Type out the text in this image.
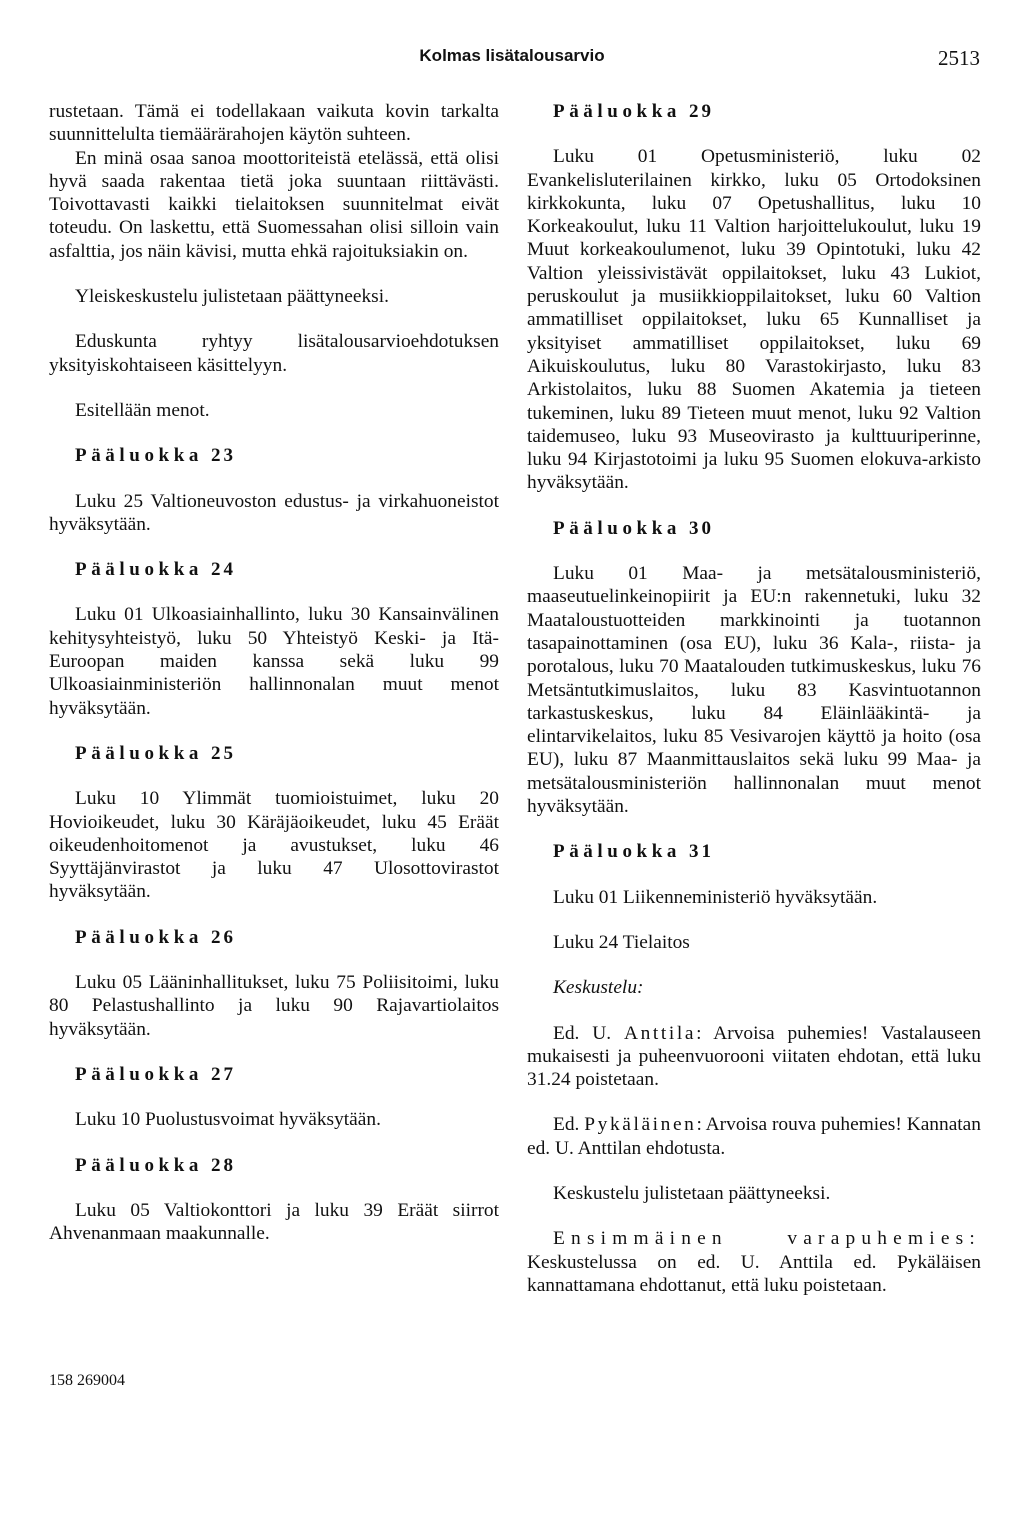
Kolmas lisätalousarvio	2513

rustetaan. Tämä ei todellakaan vaikuta kovin tarkalta suunnittelulta tiemäärärahojen käytön suhteen.

En minä osaa sanoa moottoriteistä etelässä, että olisi hyvä saada rakentaa tietä joka suuntaan riittävästi. Toivottavasti kaikki tielaitoksen suunnitelmat eivät toteudu. On laskettu, että Suomessahan olisi silloin vain asfalttia, jos näin kävisi, mutta ehkä rajoituksiakin on.

Yleiskeskustelu julistetaan päättyneeksi.

Eduskunta ryhtyy lisätalousarvioehdotuksen yksityiskohtaiseen käsittelyyn.

Esitellään menot.

Pääluokka 23

Luku 25 Valtioneuvoston edustus- ja virkahuoneistot hyväksytään.

Pääluokka 24

Luku 01 Ulkoasiainhallinto, luku 30 Kansainvälinen kehitysyhteistyö, luku 50 Yhteistyö Keski- ja Itä-Euroopan maiden kanssa sekä luku 99 Ulkoasiainministeriön hallinnonalan muut menot hyväksytään.

Pääluokka 25

Luku 10 Ylimmät tuomioistuimet, luku 20 Hovioikeudet, luku 30 Käräjäoikeudet, luku 45 Eräät oikeudenhoitomenot ja avustukset, luku 46 Syyttäjänvirastot ja luku 47 Ulosottovirastot hyväksytään.

Pääluokka 26

Luku 05 Lääninhallitukset, luku 75 Poliisitoimi, luku 80 Pelastushallinto ja luku 90 Rajavartiolaitos hyväksytään.

Pääluokka 27

Luku 10 Puolustusvoimat hyväksytään.

Pääluokka 28

Luku 05 Valtiokonttori ja luku 39 Eräät siirrot Ahvenanmaan maakunnalle.

Pääluokka 29

Luku 01 Opetusministeriö, luku 02 Evankelisluterilainen kirkko, luku 05 Ortodoksinen kirkkokunta, luku 07 Opetushallitus, luku 10 Korkeakoulut, luku 11 Valtion harjoittelukoulut, luku 19 Muut korkeakoulumenot, luku 39 Opintotuki, luku 42 Valtion yleissivistävät oppilaitokset, luku 43 Lukiot, peruskoulut ja musiikkioppilaitokset, luku 60 Valtion ammatilliset oppilaitokset, luku 65 Kunnalliset ja yksityiset ammatilliset oppilaitokset, luku 69 Aikuiskoulutus, luku 80 Varastokirjasto, luku 83 Arkistolaitos, luku 88 Suomen Akatemia ja tieteen tukeminen, luku 89 Tieteen muut menot, luku 92 Valtion taidemuseo, luku 93 Museovirasto ja kulttuuriperinne, luku 94 Kirjastotoimi ja luku 95 Suomen elokuva-arkisto hyväksytään.

Pääluokka 30

Luku 01 Maa- ja metsätalousministeriö, maaseutuelinkeinopiirit ja EU:n rakennetuki, luku 32 Maataloustuotteiden markkinointi ja tuotannon tasapainottaminen (osa EU), luku 36 Kala-, riista- ja porotalous, luku 70 Maatalouden tutkimuskeskus, luku 76 Metsäntutkimuslaitos, luku 83 Kasvintuotannon tarkastuskeskus, luku 84 Eläinlääkintä- ja elintarvikelaitos, luku 85 Vesivarojen käyttö ja hoito (osa EU), luku 87 Maanmittauslaitos sekä luku 99 Maa- ja metsätalousministeriön hallinnonalan muut menot hyväksytään.

Pääluokka 31

Luku 01 Liikenneministeriö hyväksytään.

Luku 24 Tielaitos

Keskustelu:

Ed. U. Anttila: Arvoisa puhemies! Vastalauseen mukaisesti ja puheenvuorooni viitaten ehdotan, että luku 31.24 poistetaan.

Ed. Pykäläinen: Arvoisa rouva puhemies! Kannatan ed. U. Anttilan ehdotusta.

Keskustelu julistetaan päättyneeksi.

Ensimmäinen varapuhemies: Keskustelussa on ed. U. Anttila ed. Pykäläisen kannattamana ehdottanut, että luku poistetaan.

158 269004
